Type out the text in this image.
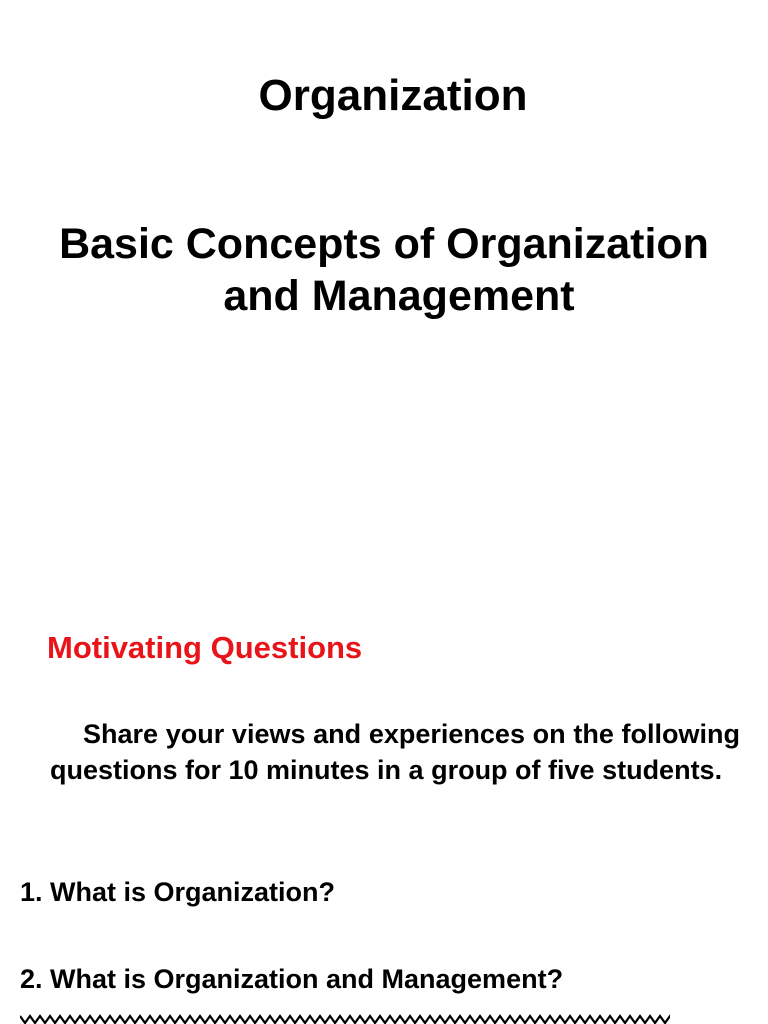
Organization
Basic Concepts of Organization
and Management
Motivating Questions
Share your views and experiences on the following questions for 10 minutes in a group of five students.
1. What is Organization?
2. What is Organization and Management?
